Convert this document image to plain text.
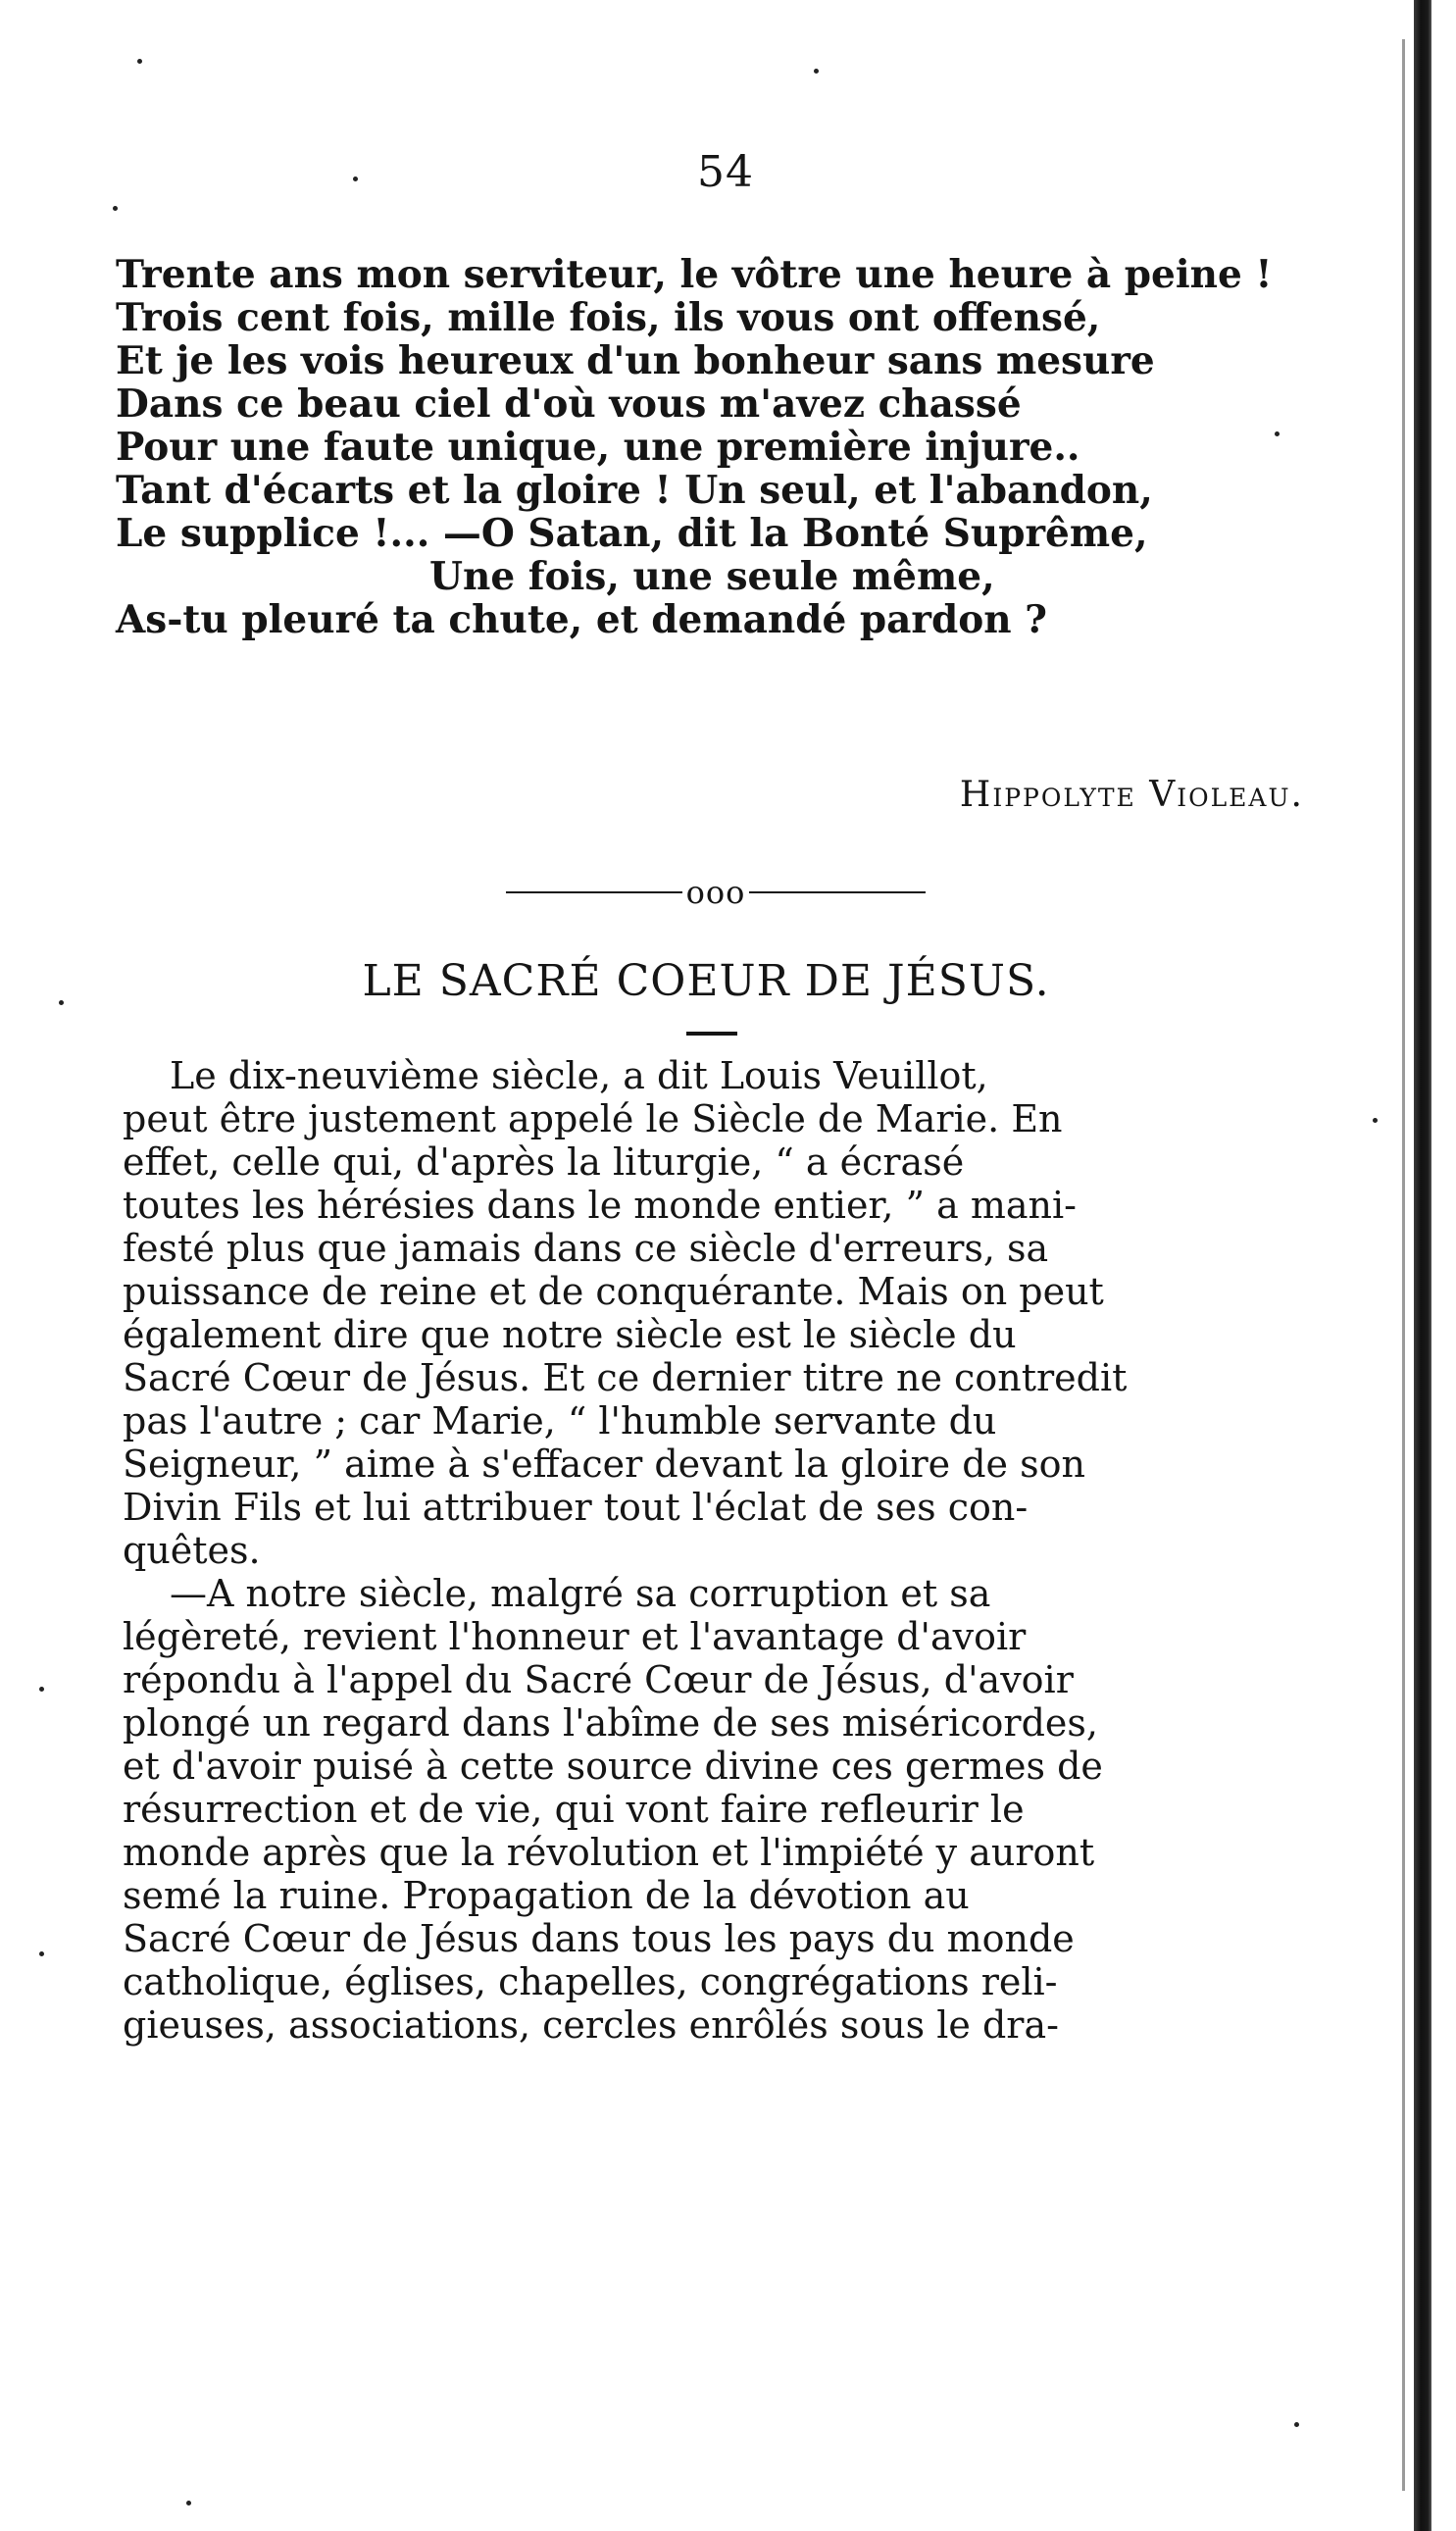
54
Trente ans mon serviteur, le vôtre une heure à peine !
Trois cent fois, mille fois, ils vous ont offensé,
Et je les vois heureux d'un bonheur sans mesure
Dans ce beau ciel d'où vous m'avez chassé
Pour une faute unique, une première injure..
Tant d'écarts et la gloire ! Un seul, et l'abandon,
Le supplice !... —O Satan, dit la Bonté Suprême,
Une fois, une seule même,
As-tu pleuré ta chute, et demandé pardon ?
Hippolyte Violeau.
ooo
LE SACRÉ COEUR DE JÉSUS.
Le dix-neuvième siècle, a dit Louis Veuillot,
peut être justement appelé le Siècle de Marie. En
effet, celle qui, d'après la liturgie, “ a écrasé
toutes les hérésies dans le monde entier, ” a mani-
festé plus que jamais dans ce siècle d'erreurs, sa
puissance de reine et de conquérante. Mais on peut
également dire que notre siècle est le siècle du
Sacré Cœur de Jésus. Et ce dernier titre ne contredit
pas l'autre ; car Marie, “ l'humble servante du
Seigneur, ” aime à s'effacer devant la gloire de son
Divin Fils et lui attribuer tout l'éclat de ses con-
quêtes.
—A notre siècle, malgré sa corruption et sa
légèreté, revient l'honneur et l'avantage d'avoir
répondu à l'appel du Sacré Cœur de Jésus, d'avoir
plongé un regard dans l'abîme de ses miséricordes,
et d'avoir puisé à cette source divine ces germes de
résurrection et de vie, qui vont faire refleurir le
monde après que la révolution et l'impiété y auront
semé la ruine. Propagation de la dévotion au
Sacré Cœur de Jésus dans tous les pays du monde
catholique, églises, chapelles, congrégations reli-
gieuses, associations, cercles enrôlés sous le dra-
